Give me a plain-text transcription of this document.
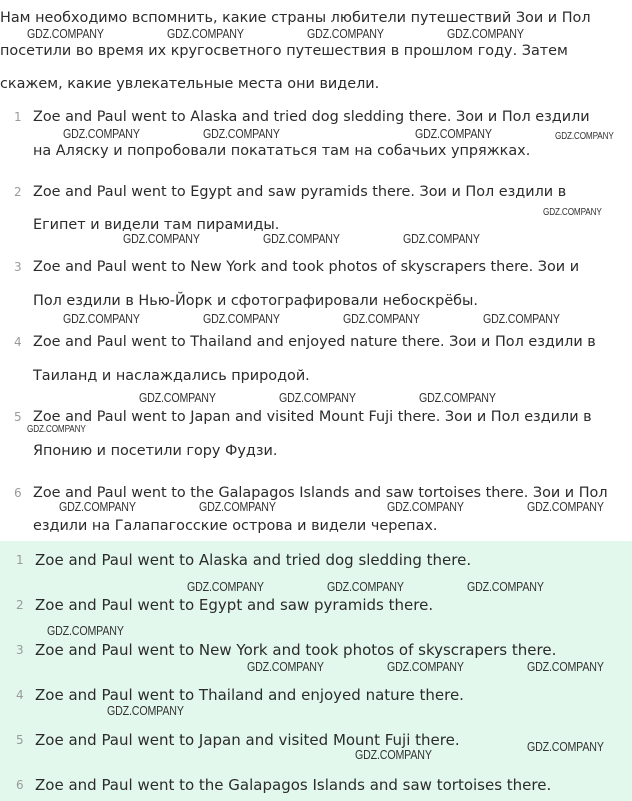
Нам необходимо вспомнить, какие страны любители путешествий Зои и Пол
посетили во время их кругосветного путешествия в прошлом году. Затем
скажем, какие увлекательные места они видели.
1 Zoe and Paul went to Alaska and tried dog sledding there. Зои и Пол ездили
на Аляску и попробовали покататься там на собачьих упряжках.
2 Zoe and Paul went to Egypt and saw pyramids there. Зои и Пол ездили в
Египет и видели там пирамиды.
3 Zoe and Paul went to New York and took photos of skyscrapers there. Зои и
Пол ездили в Нью-Йорк и сфотографировали небоскрёбы.
4 Zoe and Paul went to Thailand and enjoyed nature there. Зои и Пол ездили в
Таиланд и наслаждались природой.
5 Zoe and Paul went to Japan and visited Mount Fuji there. Зои и Пол ездили в
Японию и посетили гору Фудзи.
6 Zoe and Paul went to the Galapagos Islands and saw tortoises there. Зои и Пол
ездили на Галапагосские острова и видели черепах.
1 Zoe and Paul went to Alaska and tried dog sledding there.
2 Zoe and Paul went to Egypt and saw pyramids there.
3 Zoe and Paul went to New York and took photos of skyscrapers there.
4 Zoe and Paul went to Thailand and enjoyed nature there.
5 Zoe and Paul went to Japan and visited Mount Fuji there.
6 Zoe and Paul went to the Galapagos Islands and saw tortoises there.
GDZ.COMPANY	GDZ.COMPANY	GDZ.COMPANY	GDZ.COMPANY
GDZ.COMPANY	GDZ.COMPANY	GDZ.COMPANY	GDZ.COMPANY
GDZ.COMPANY
GDZ.COMPANY	GDZ.COMPANY	GDZ.COMPANY
GDZ.COMPANY	GDZ.COMPANY	GDZ.COMPANY	GDZ.COMPANY
GDZ.COMPANY	GDZ.COMPANY	GDZ.COMPANY
GDZ.COMPANY
GDZ.COMPANY	GDZ.COMPANY	GDZ.COMPANY	GDZ.COMPANY
GDZ.COMPANY	GDZ.COMPANY	GDZ.COMPANY
GDZ.COMPANY
GDZ.COMPANY	GDZ.COMPANY	GDZ.COMPANY
GDZ.COMPANY
GDZ.COMPANY
GDZ.COMPANY
